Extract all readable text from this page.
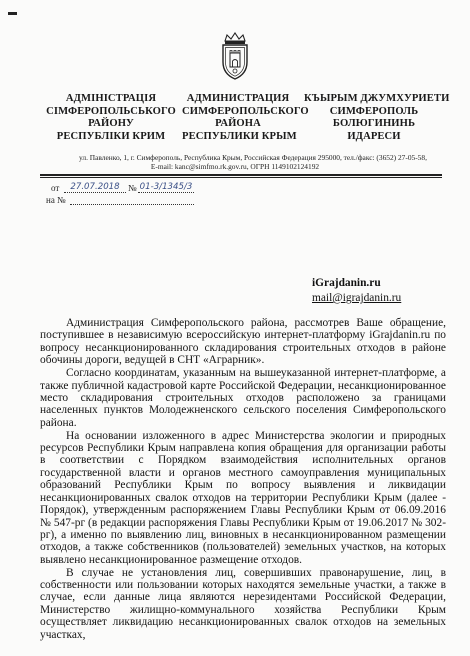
АДМІНІСТРАЦІЯ
СІМФЕРОПОЛЬСЬКОГО
РАЙОНУ
РЕСПУБЛІКИ КРИМ
АДМИНИСТРАЦИЯ
СИМФЕРОПОЛЬСКОГО
РАЙОНА
РЕСПУБЛИКИ КРЫМ
КЪЫРЫМ ДЖУМХУРИЕТИ
СИМФЕРОПОЛЬ
БОЛЮГИНИНЬ
ИДАРЕСИ
ул. Павленко, 1, г. Симферополь, Республика Крым, Российская Федерация 295000, тел./факс: (3652) 27-05-58,
E-mail: kanc@simfmo.rk.gov.ru, ОГРН 1149102124192
от	27.07.2018 № 01-3/1345/3
на №
iGrajdanin.ru
mail@igrajdanin.ru

Администрация Симферопольского района, рассмотрев Ваше обращение, поступившее в независимую всероссийскую интернет-платформу iGrajdanin.ru по вопросу несанкционированного складирования строительных отходов в районе обочины дороги, ведущей в СНТ «Аграрник».

Согласно координатам, указанным на вышеуказанной интернет-платформе, а также публичной кадастровой карте Российской Федерации, несанкционированное место складирования строительных отходов расположено за границами населенных пунктов Молодежненского сельского поселения Симферопольского района.

На основании изложенного в адрес Министерства экологии и природных ресурсов Республики Крым направлена копия обращения для организации работы в соответствии с Порядком взаимодействия исполнительных органов государственной власти и органов местного самоуправления муниципальных образований Республики Крым по вопросу выявления и ликвидации несанкционированных свалок отходов на территории Республики Крым (далее - Порядок), утвержденным распоряжением Главы Республики Крым от 06.09.2016 № 547-рг (в редакции распоряжения Главы Республики Крым от 19.06.2017 № 302-рг), а именно по выявлению лиц, виновных в несанкционированном размещении отходов, а также собственников (пользователей) земельных участков, на которых выявлено несанкционированное размещение отходов.

В случае не установления лиц, совершивших правонарушение, лиц, в собственности или пользовании которых находятся земельные участки, а также в случае, если данные лица являются нерезидентами Российской Федерации, Министерство жилищно-коммунального хозяйства Республики Крым осуществляет ликвидацию несанкционированных свалок отходов на земельных участках,
